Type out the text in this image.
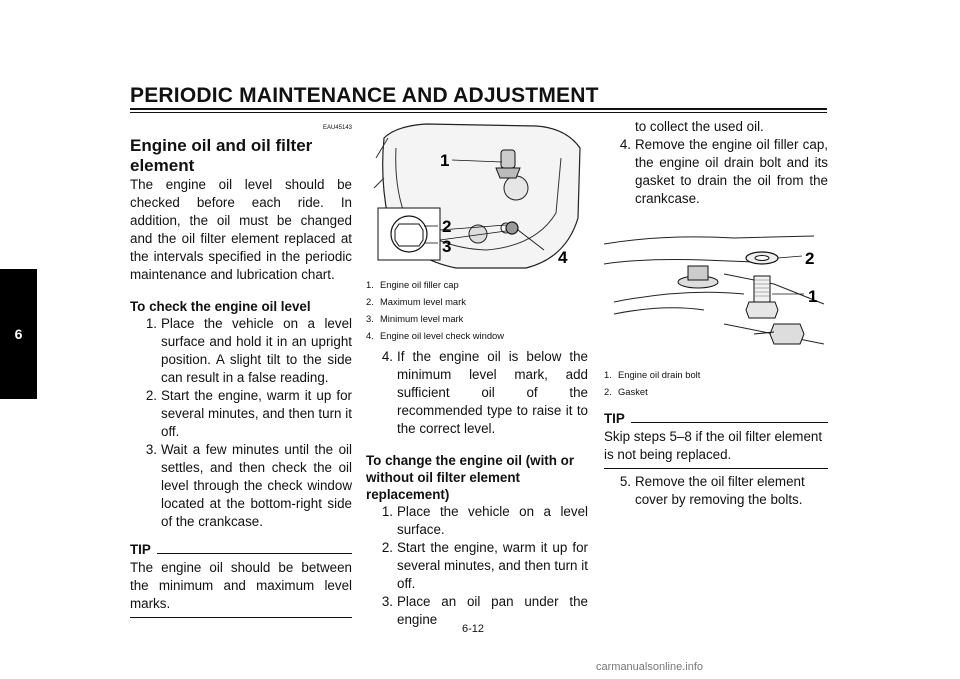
PERIODIC MAINTENANCE AND ADJUSTMENT
6
EAU45143
Engine oil and oil filter element

The engine oil level should be checked before each ride. In addition, the oil must be changed and the oil filter element replaced at the intervals specified in the periodic maintenance and lubrication chart.

To check the engine oil level
1. Place the vehicle on a level surface and hold it in an upright position. A slight tilt to the side can result in a false reading.
2. Start the engine, warm it up for several minutes, and then turn it off.
3. Wait a few minutes until the oil settles, and then check the oil level through the check window located at the bottom-right side of the crankcase.
TIP

The engine oil should be between the minimum and maximum level marks.

1
2
3
4
1. Engine oil filler cap
2. Maximum level mark
3. Minimum level mark
4. Engine oil level check window
4. If the engine oil is below the minimum level mark, add sufficient oil of the recommended type to raise it to the correct level.
To change the engine oil (with or without oil filter element replacement)
1. Place the vehicle on a level surface.
2. Start the engine, warm it up for several minutes, and then turn it off.
3. Place an oil pan under the engine
to collect the used oil.
4. Remove the engine oil filler cap, the engine oil drain bolt and its gasket to drain the oil from the crankcase.
2
1
1. Engine oil drain bolt
2. Gasket
TIP

Skip steps 5–8 if the oil filter element is not being replaced.

5. Remove the oil filter element cover by removing the bolts.
6-12
carmanualsonline.info
